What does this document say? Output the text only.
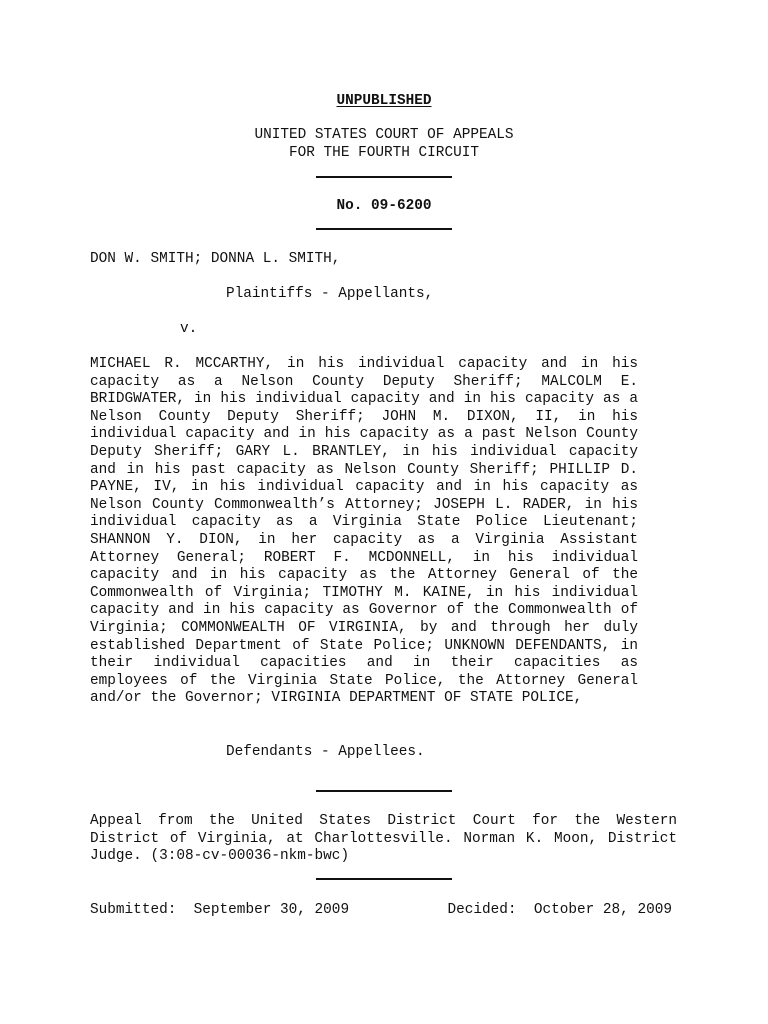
UNPUBLISHED
UNITED STATES COURT OF APPEALS
FOR THE FOURTH CIRCUIT
No. 09-6200
DON W. SMITH; DONNA L. SMITH,
Plaintiffs - Appellants,
v.
MICHAEL R. MCCARTHY, in his individual capacity and in his capacity as a Nelson County Deputy Sheriff; MALCOLM E. BRIDGWATER, in his individual capacity and in his capacity as a Nelson County Deputy Sheriff; JOHN M. DIXON, II, in his individual capacity and in his capacity as a past Nelson County Deputy Sheriff; GARY L. BRANTLEY, in his individual capacity and in his past capacity as Nelson County Sheriff; PHILLIP D. PAYNE, IV, in his individual capacity and in his capacity as Nelson County Commonwealth’s Attorney; JOSEPH L. RADER, in his individual capacity as a Virginia State Police Lieutenant; SHANNON Y. DION, in her capacity as a Virginia Assistant Attorney General; ROBERT F. MCDONNELL, in his individual capacity and in his capacity as the Attorney General of the Commonwealth of Virginia; TIMOTHY M. KAINE, in his individual capacity and in his capacity as Governor of the Commonwealth of Virginia; COMMONWEALTH OF VIRGINIA, by and through her duly established Department of State Police; UNKNOWN DEFENDANTS, in their individual capacities and in their capacities as employees of the Virginia State Police, the Attorney General and/or the Governor; VIRGINIA DEPARTMENT OF STATE POLICE,
Defendants - Appellees.
Appeal from the United States District Court for the Western District of Virginia, at Charlottesville. Norman K. Moon, District Judge. (3:08-cv-00036-nkm-bwc)
Submitted:  September 30, 2009	Decided:  October 28, 2009
